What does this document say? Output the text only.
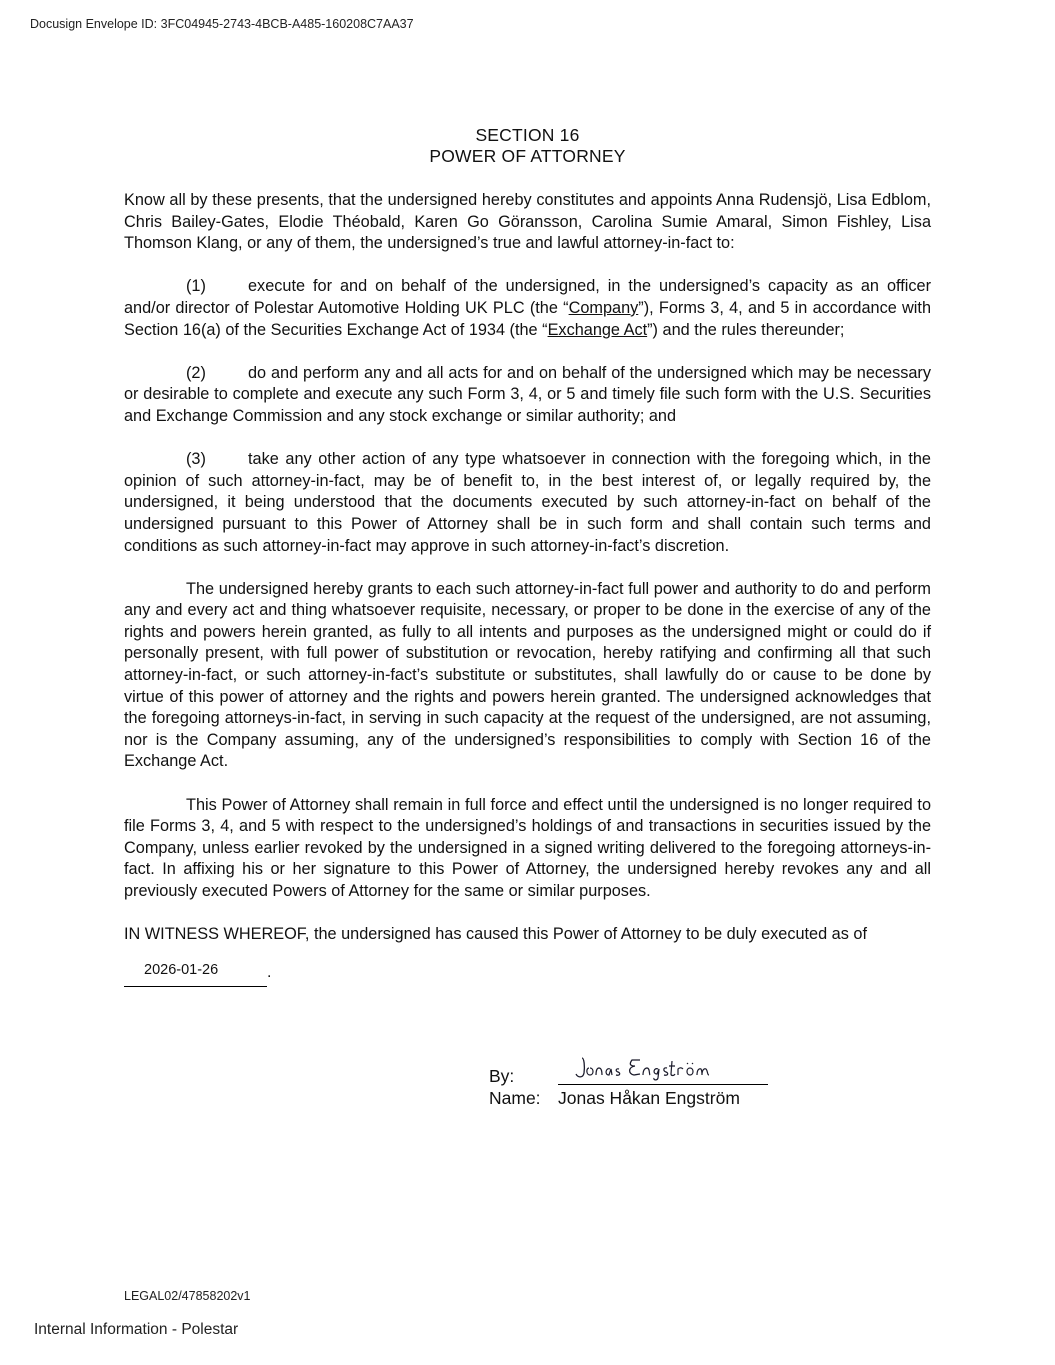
Docusign Envelope ID: 3FC04945-2743-4BCB-A485-160208C7AA37
SECTION 16
POWER OF ATTORNEY

Know all by these presents, that the undersigned hereby constitutes and appoints Anna Rudensjö, Lisa Edblom, Chris Bailey-Gates, Elodie Théobald, Karen Go Göransson, Carolina Sumie Amaral, Simon Fishley, Lisa Thomson Klang, or any of them, the undersigned’s true and lawful attorney-in-fact to:

(1)	execute for and on behalf of the undersigned, in the undersigned’s capacity as an officer and/or director of Polestar Automotive Holding UK PLC (the “Company”), Forms 3, 4, and 5 in accordance with Section 16(a) of the Securities Exchange Act of 1934 (the “Exchange Act”) and the rules thereunder;

(2)	do and perform any and all acts for and on behalf of the undersigned which may be necessary or desirable to complete and execute any such Form 3, 4, or 5 and timely file such form with the U.S. Securities and Exchange Commission and any stock exchange or similar authority; and

(3)	take any other action of any type whatsoever in connection with the foregoing which, in the opinion of such attorney-in-fact, may be of benefit to, in the best interest of, or legally required by, the undersigned, it being understood that the documents executed by such attorney-in-fact on behalf of the undersigned pursuant to this Power of Attorney shall be in such form and shall contain such terms and conditions as such attorney-in-fact may approve in such attorney-in-fact’s discretion.

The undersigned hereby grants to each such attorney-in-fact full power and authority to do and perform any and every act and thing whatsoever requisite, necessary, or proper to be done in the exercise of any of the rights and powers herein granted, as fully to all intents and purposes as the undersigned might or could do if personally present, with full power of substitution or revocation, hereby ratifying and confirming all that such attorney-in-fact, or such attorney-in-fact’s substitute or substitutes, shall lawfully do or cause to be done by virtue of this power of attorney and the rights and powers herein granted. The undersigned acknowledges that the foregoing attorneys-in-fact, in serving in such capacity at the request of the undersigned, are not assuming, nor is the Company assuming, any of the undersigned’s responsibilities to comply with Section 16 of the Exchange Act.

This Power of Attorney shall remain in full force and effect until the undersigned is no longer required to file Forms 3, 4, and 5 with respect to the undersigned’s holdings of and transactions in securities issued by the Company, unless earlier revoked by the undersigned in a signed writing delivered to the foregoing attorneys-in-fact. In affixing his or her signature to this Power of Attorney, the undersigned hereby revokes any and all previously executed Powers of Attorney for the same or similar purposes.

IN WITNESS WHEREOF, the undersigned has caused this Power of Attorney to be duly executed as of

2026-01-26	.
By:
Name: Jonas Håkan Engström
LEGAL02/47858202v1
Internal Information - Polestar
